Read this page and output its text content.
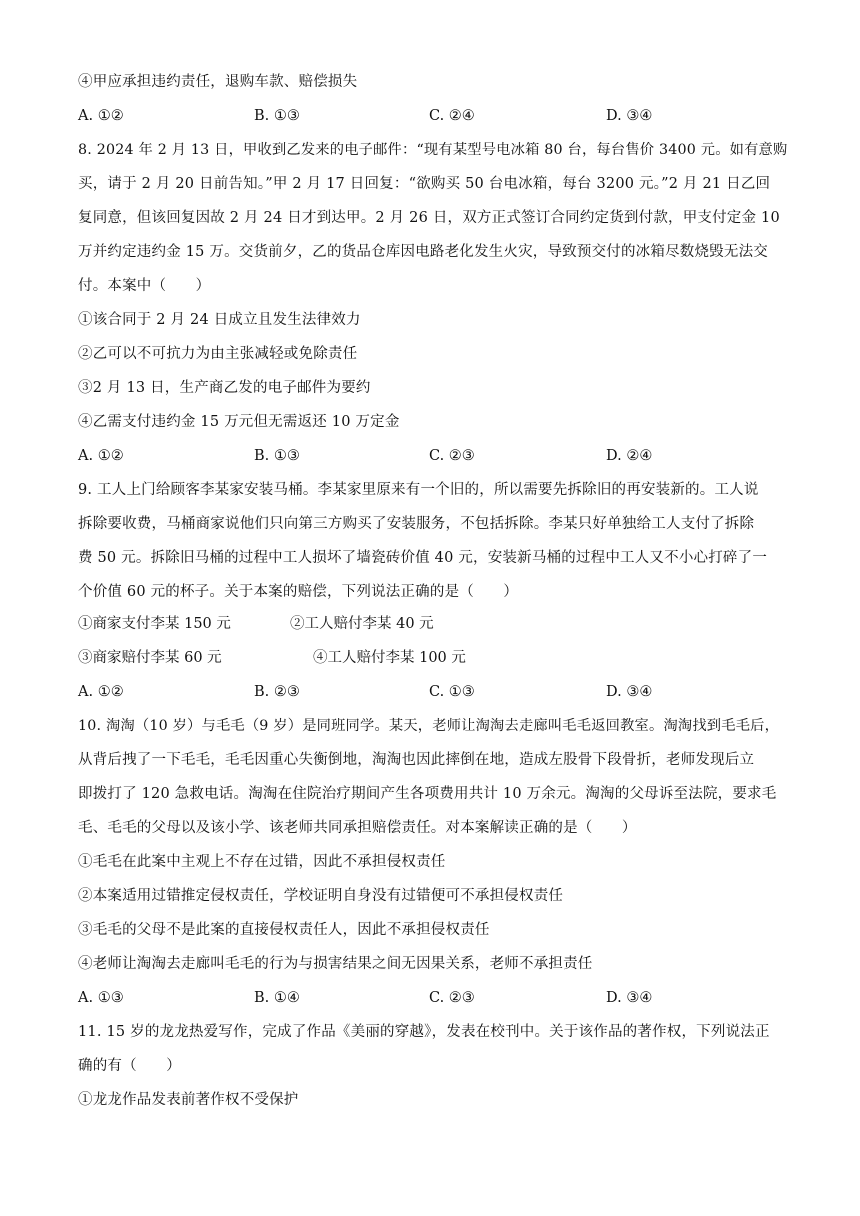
④甲应承担违约责任，退购车款、赔偿损失
A. ①②	B. ①③	C. ②④	D. ③④
8. 2024 年 2 月 13 日，甲收到乙发来的电子邮件：“现有某型号电冰箱 80 台，每台售价 3400 元。如有意购
买，请于 2 月 20 日前告知。”甲 2 月 17 日回复：“欲购买 50 台电冰箱，每台 3200 元。”2 月 21 日乙回
复同意，但该回复因故 2 月 24 日才到达甲。2 月 26 日，双方正式签订合同约定货到付款，甲支付定金 10
万并约定违约金 15 万。交货前夕，乙的货品仓库因电路老化发生火灾，导致预交付的冰箱尽数烧毁无法交
付。本案中（　　）
①该合同于 2 月 24 日成立且发生法律效力
②乙可以不可抗力为由主张减轻或免除责任
③2 月 13 日，生产商乙发的电子邮件为要约
④乙需支付违约金 15 万元但无需返还 10 万定金
A. ①②	B. ①③	C. ②③	D. ②④
9. 工人上门给顾客李某家安装马桶。李某家里原来有一个旧的，所以需要先拆除旧的再安装新的。工人说
拆除要收费，马桶商家说他们只向第三方购买了安装服务，不包括拆除。李某只好单独给工人支付了拆除
费 50 元。拆除旧马桶的过程中工人损坏了墙瓷砖价值 40 元，安装新马桶的过程中工人又不小心打碎了一
个价值 60 元的杯子。关于本案的赔偿，下列说法正确的是（　　）
①商家支付李某 150 元	②工人赔付李某 40 元
③商家赔付李某 60 元	④工人赔付李某 100 元
A. ①②	B. ②③	C. ①③	D. ③④
10. 淘淘（10 岁）与毛毛（9 岁）是同班同学。某天，老师让淘淘去走廊叫毛毛返回教室。淘淘找到毛毛后，
从背后拽了一下毛毛，毛毛因重心失衡倒地，淘淘也因此摔倒在地，造成左股骨下段骨折，老师发现后立
即拨打了 120 急救电话。淘淘在住院治疗期间产生各项费用共计 10 万余元。淘淘的父母诉至法院，要求毛
毛、毛毛的父母以及该小学、该老师共同承担赔偿责任。对本案解读正确的是（　　）
①毛毛在此案中主观上不存在过错，因此不承担侵权责任
②本案适用过错推定侵权责任，学校证明自身没有过错便可不承担侵权责任
③毛毛的父母不是此案的直接侵权责任人，因此不承担侵权责任
④老师让淘淘去走廊叫毛毛的行为与损害结果之间无因果关系，老师不承担责任
A. ①③	B. ①④	C. ②③	D. ③④
11. 15 岁的龙龙热爱写作，完成了作品《美丽的穿越》，发表在校刊中。关于该作品的著作权，下列说法正
确的有（　　）
①龙龙作品发表前著作权不受保护
